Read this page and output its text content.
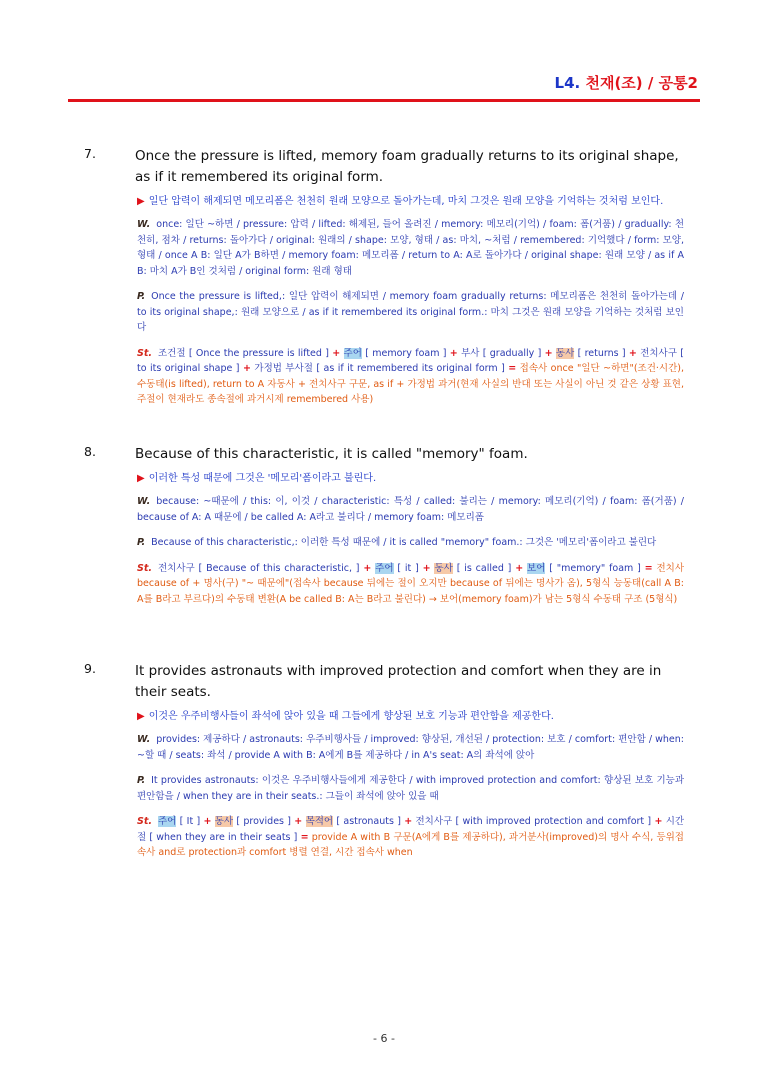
L4. 천재(조) / 공통2
7.	Once the pressure is lifted, memory foam gradually returns to its original shape, as if it remembered its original form.
▶ 일단 압력이 해제되면 메모리폼은 천천히 원래 모양으로 돌아가는데, 마치 그것은 원래 모양을 기억하는 것처럼 보인다.
W. once: 일단 ~하면 / pressure: 압력 / lifted: 해제된, 들어 올려진 / memory: 메모리(기억) / foam: 폼(거품) / gradually: 천천히, 점차 / returns: 돌아가다 / original: 원래의 / shape: 모양, 형태 / as: 마치, ~처럼 / remembered: 기억했다 / form: 모양, 형태 / once A B: 일단 A가 B하면 / memory foam: 메모리폼 / return to A: A로 돌아가다 / original shape: 원래 모양 / as if A B: 마치 A가 B인 것처럼 / original form: 원래 형태
P. Once the pressure is lifted,: 일단 압력이 해제되면 / memory foam gradually returns: 메모리폼은 천천히 돌아가는데 / to its original shape,: 원래 모양으로 / as if it remembered its original form.: 마치 그것은 원래 모양을 기억하는 것처럼 보인다
St. 조건절 [ Once the pressure is lifted ] + 주어 [ memory foam ] + 부사 [ gradually ] + 동사 [ returns ] + 전치사구 [ to its original shape ] + 가정법 부사절 [ as if it remembered its original form ] = 접속사 once "일단 ~하면"(조건·시간), 수동태(is lifted), return to A 자동사 + 전치사구 구문, as if + 가정법 과거(현재 사실의 반대 또는 사실이 아닌 것 같은 상황 표현, 주절이 현재라도 종속절에 과거시제 remembered 사용)
8.	Because of this characteristic, it is called "memory" foam.
▶ 이러한 특성 때문에 그것은 '메모리'폼이라고 불린다.
W. because: ~때문에 / this: 이, 이것 / characteristic: 특성 / called: 불리는 / memory: 메모리(기억) / foam: 폼(거품) / because of A: A 때문에 / be called A: A라고 불리다 / memory foam: 메모리폼
P. Because of this characteristic,: 이러한 특성 때문에 / it is called "memory" foam.: 그것은 '메모리'폼이라고 불린다
St. 전치사구 [ Because of this characteristic, ] + 주어 [ it ] + 동사 [ is called ] + 보어 [ "memory" foam ] = 전치사 because of + 명사(구) "~ 때문에"(접속사 because 뒤에는 절이 오지만 because of 뒤에는 명사가 옴), 5형식 능동태(call A B: A를 B라고 부르다)의 수동태 변환(A be called B: A는 B라고 불린다) → 보어(memory foam)가 남는 5형식 수동태 구조 (5형식)
9.	It provides astronauts with improved protection and comfort when they are in their seats.
▶ 이것은 우주비행사들이 좌석에 앉아 있을 때 그들에게 향상된 보호 기능과 편안함을 제공한다.
W. provides: 제공하다 / astronauts: 우주비행사들 / improved: 향상된, 개선된 / protection: 보호 / comfort: 편안함 / when: ~할 때 / seats: 좌석 / provide A with B: A에게 B를 제공하다 / in A's seat: A의 좌석에 앉아
P. It provides astronauts: 이것은 우주비행사들에게 제공한다 / with improved protection and comfort: 향상된 보호 기능과 편안함을 / when they are in their seats.: 그들이 좌석에 앉아 있을 때
St. 주어 [ It ] + 동사 [ provides ] + 목적어 [ astronauts ] + 전치사구 [ with improved protection and comfort ] + 시간절 [ when they are in their seats ] = provide A with B 구문(A에게 B를 제공하다), 과거분사(improved)의 명사 수식, 등위접속사 and로 protection과 comfort 병렬 연결, 시간 접속사 when
- 6 -
